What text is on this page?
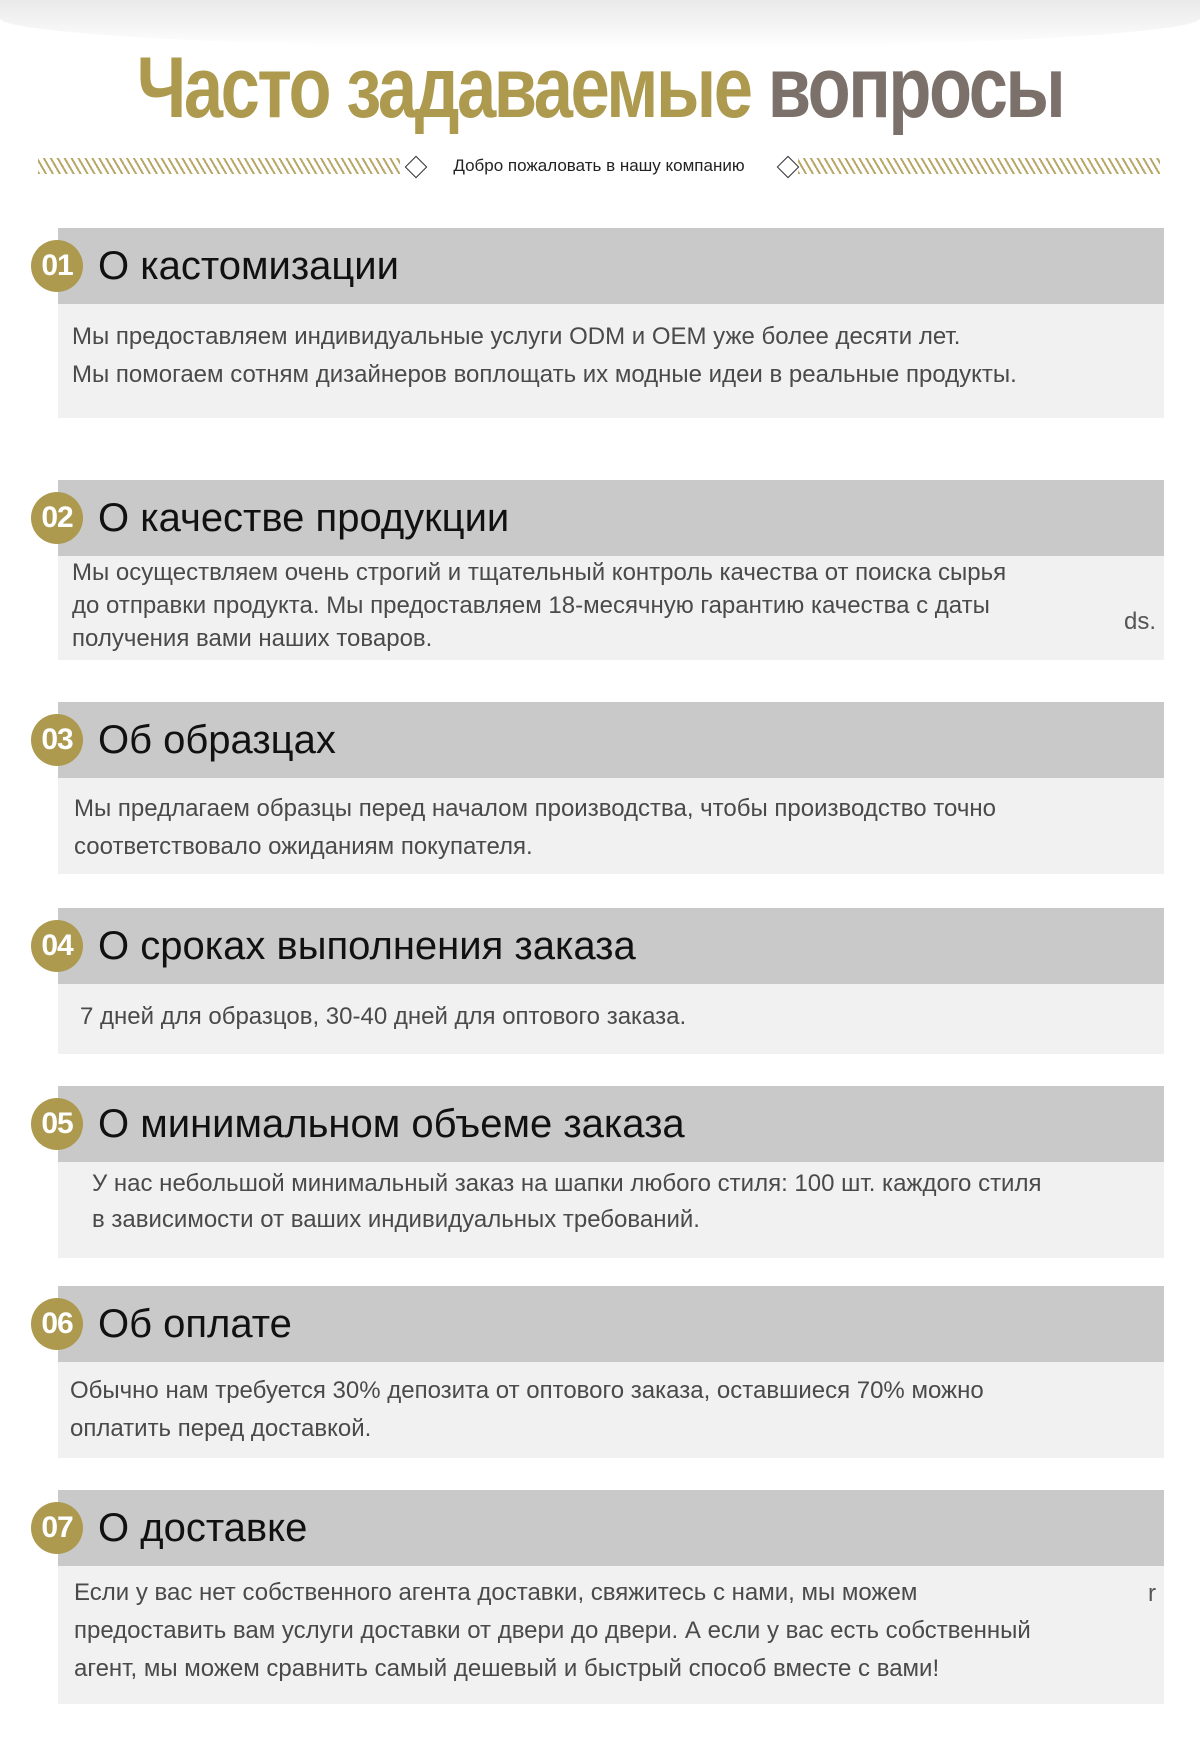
Часто задаваемые вопросы
Добро пожаловать в нашу компанию
Мы предоставляем индивидуальные услуги ODM и OEM уже более десяти лет.
Мы помогаем сотням дизайнеров воплощать их модные идеи в реальные продукты.
01 О кастомизации
Мы осуществляем очень строгий и тщательный контроль качества от поиска сырья
до отправки продукта. Мы предоставляем 18-месячную гарантию качества с даты
получения вами наших товаров.
ds.
02 О качестве продукции
Мы предлагаем образцы перед началом производства, чтобы производство точно
соответствовало ожиданиям покупателя.
03 Об образцах
7 дней для образцов, 30-40 дней для оптового заказа.
04 О сроках выполнения заказа
У нас небольшой минимальный заказ на шапки любого стиля: 100 шт. каждого стиля
в зависимости от ваших индивидуальных требований.
05 О минимальном объеме заказа
Обычно нам требуется 30% депозита от оптового заказа, оставшиеся 70% можно
оплатить перед доставкой.
06 Об оплате
Если у вас нет собственного агента доставки, свяжитесь с нами, мы можем
предоставить вам услуги доставки от двери до двери. А если у вас есть собственный
агент, мы можем сравнить самый дешевый и быстрый способ вместе с вами!
r
07 О доставке
